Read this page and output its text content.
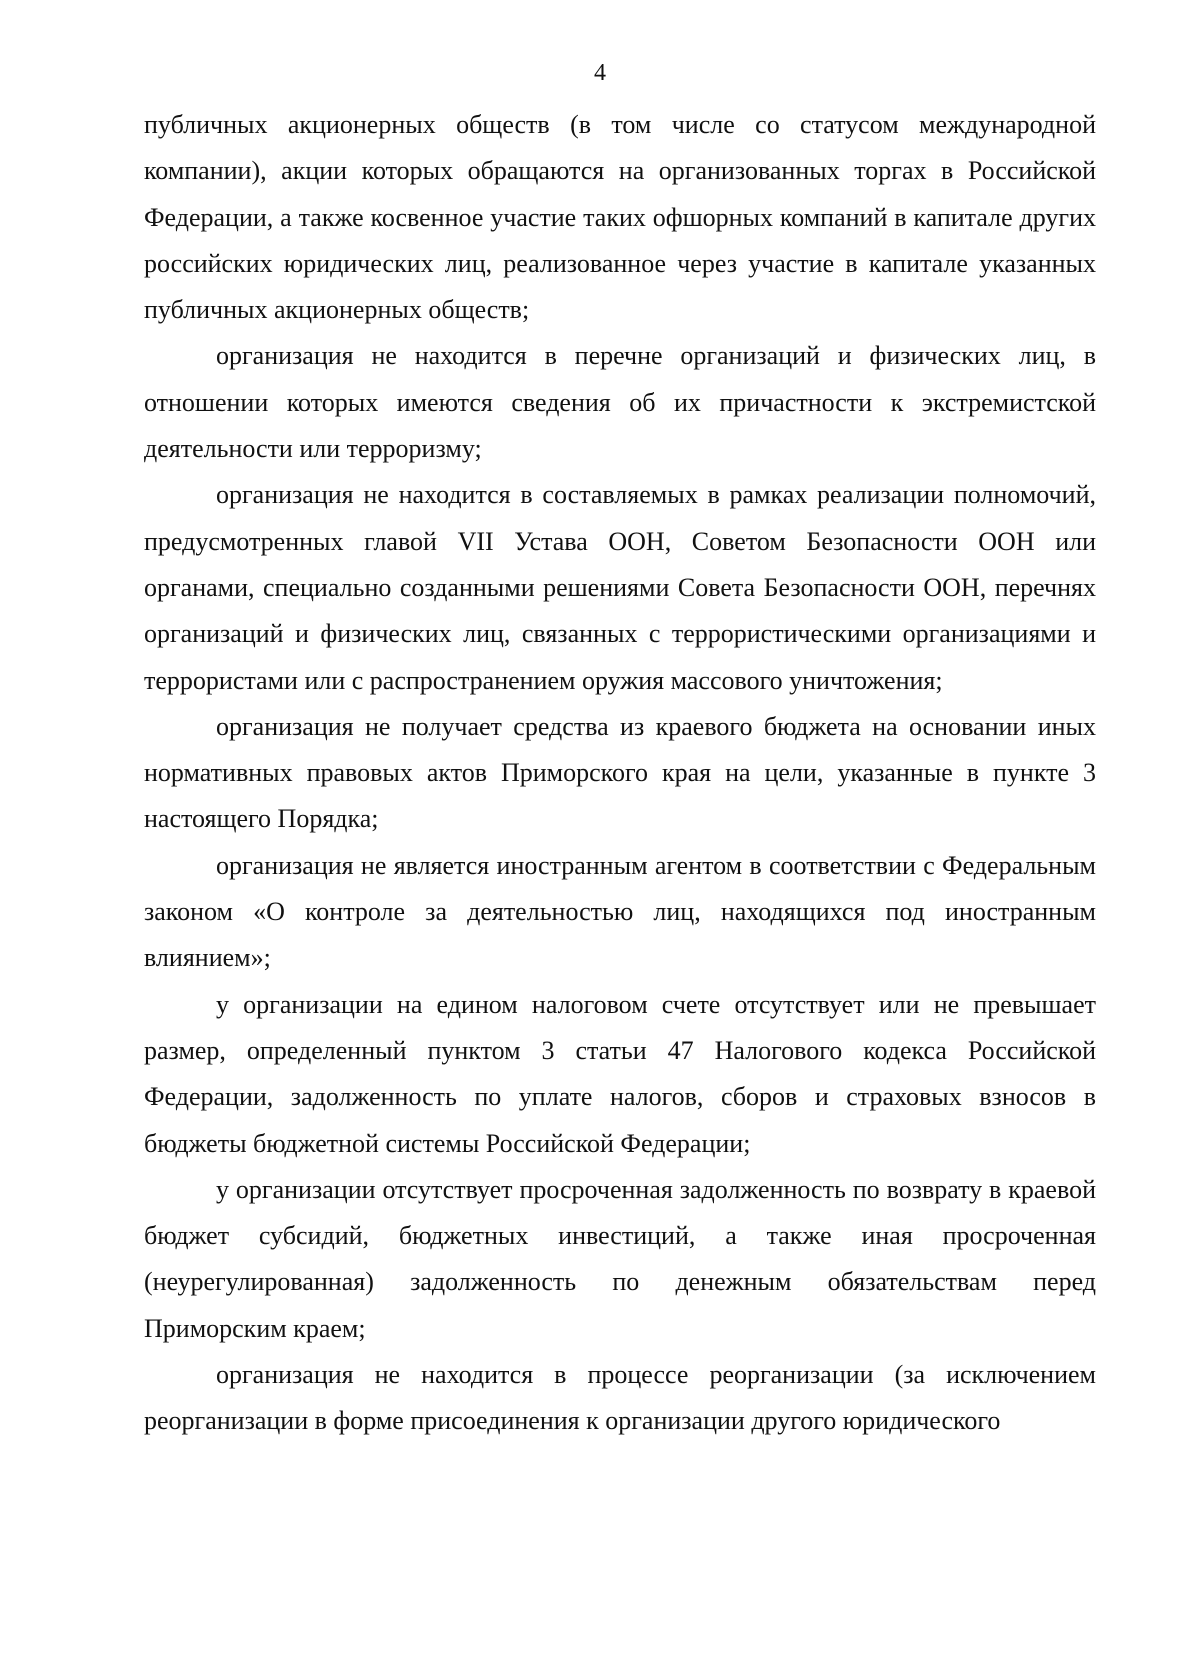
4

публичных акционерных обществ (в том числе со статусом международной компании), акции которых обращаются на организованных торгах в Российской Федерации, а также косвенное участие таких офшорных компаний в капитале других российских юридических лиц, реализованное через участие в капитале указанных публичных акционерных обществ;

организация не находится в перечне организаций и физических лиц, в отношении которых имеются сведения об их причастности к экстремистской деятельности или терроризму;

организация не находится в составляемых в рамках реализации полномочий, предусмотренных главой VII Устава ООН, Советом Безопасности ООН или органами, специально созданными решениями Совета Безопасности ООН, перечнях организаций и физических лиц, связанных с террористическими организациями и террористами или с распространением оружия массового уничтожения;

организация не получает средства из краевого бюджета на основании иных нормативных правовых актов Приморского края на цели, указанные в пункте 3 настоящего Порядка;

организация не является иностранным агентом в соответствии с Федеральным законом «О контроле за деятельностью лиц, находящихся под иностранным влиянием»;

у организации на едином налоговом счете отсутствует или не превышает размер, определенный пунктом 3 статьи 47 Налогового кодекса Российской Федерации, задолженность по уплате налогов, сборов и страховых взносов в бюджеты бюджетной системы Российской Федерации;

у организации отсутствует просроченная задолженность по возврату в краевой бюджет субсидий, бюджетных инвестиций, а также иная просроченная (неурегулированная) задолженность по денежным обязательствам перед Приморским краем;

организация не находится в процессе реорганизации (за исключением реорганизации в форме присоединения к организации другого юридического
